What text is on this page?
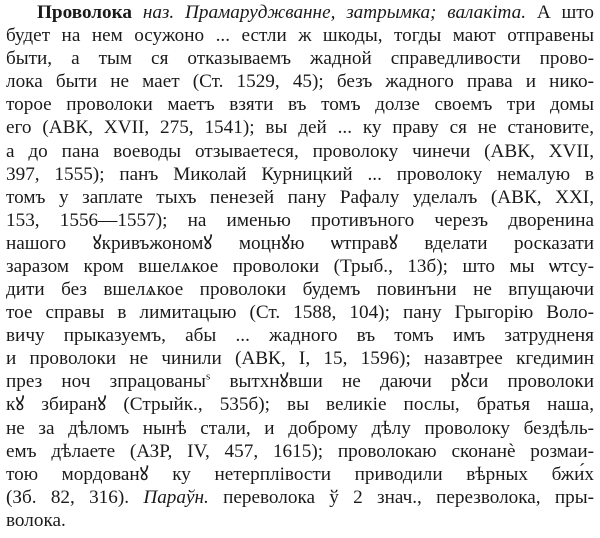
Проволока наз. Прамаруджванне, затрымка; валакiта. А што
будет на нем осужоно ... естли ж шкоды, тогды мают отправены
быти, а тым ся отказываемъ жадной справедливости прово-
лока быти не мает (Ст. 1529, 45); безъ жадного права и нико-
торое проволоки маетъ взяти въ томъ долзе своемъ три домы
его (АВК, XVII, 275, 1541); вы дей ... ку праву ся не становите,
а до пана воеводы отзываетеся, проволоку чинечи (АВК, XVII,
397, 1555); панъ Миколай Курницкий ... проволоку немалую в
томъ у заплате тыхъ пенезей пану Рафалу уделалъ (АВК, XXI,
153, 1556—1557); на именью противъного черезъ дворенина
нашого ꙋкривъжономꙋ моцнꙋю ѡтправꙋ вделати росказати
заразом кром вшелѧкое проволоки (Трыб., 13б); што мы ѡтсу-
дити без вшелѧкое проволоки будемъ повинъни не впущаючи
тое справы в лимитацыю (Ст. 1588, 104); пану Грыгорiю Воло-
вичу прыказуемъ, абы ... жадного въ томъ имъ затрудненя
и проволоки не чинили (АВК, I, 15, 1596); назавтрее кгедимин
през ноч зпрацованы$^s$ вытхнꙋвши не даючи рꙋси проволоки
кꙋ збиранꙋ (Стрыйк., 535б); вы великiе послы, братья наша,
не за дѣломъ нынѣ стали, и доброму дѣлу проволоку бездѣль-
емъ дѣлаете (АЗР, IV, 457, 1615); проволокаю сконанѐ розмаи-
тою мордованꙋ ку нетерплiвости приводили вѣрных бжи́х
(Зб. 82, 316). Параўн. переволока ў 2 знач., перезволока, пры-
волока.
